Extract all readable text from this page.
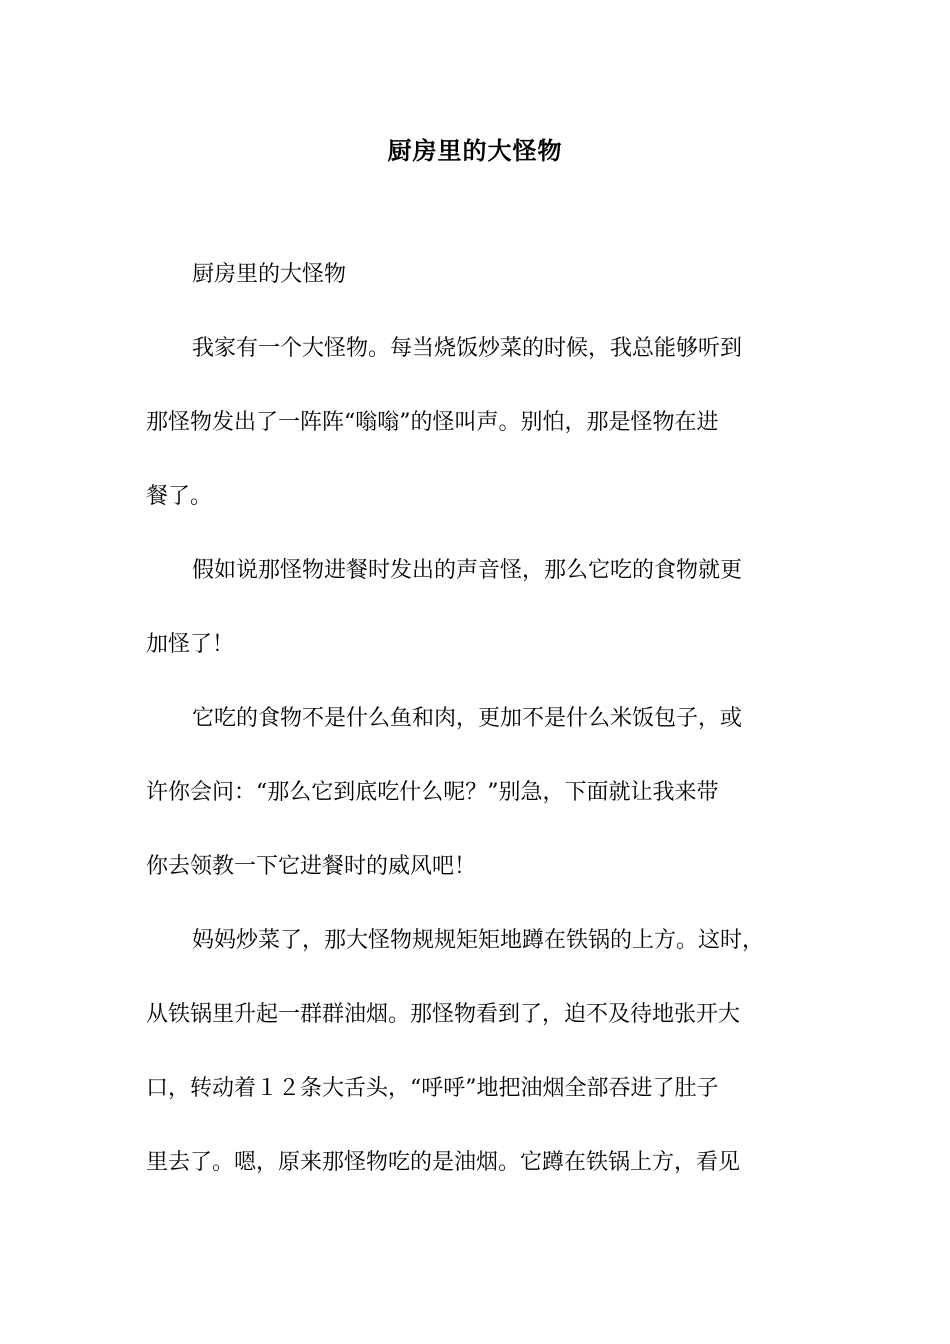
厨房里的大怪物
厨房里的大怪物
我家有一个大怪物。每当烧饭炒菜的时候，我总能够听到
那怪物发出了一阵阵“嗡嗡”的怪叫声。别怕，那是怪物在进
餐了。
假如说那怪物进餐时发出的声音怪，那么它吃的食物就更
加怪了！
它吃的食物不是什么鱼和肉，更加不是什么米饭包子，或
许你会问：“那么它到底吃什么呢？”别急，下面就让我来带
你去领教一下它进餐时的威风吧！
妈妈炒菜了，那大怪物规规矩矩地蹲在铁锅的上方。这时，
从铁锅里升起一群群油烟。那怪物看到了，迫不及待地张开大
口，转动着１２条大舌头，“呼呼”地把油烟全部吞进了肚子
里去了。嗯，原来那怪物吃的是油烟。它蹲在铁锅上方，看见
